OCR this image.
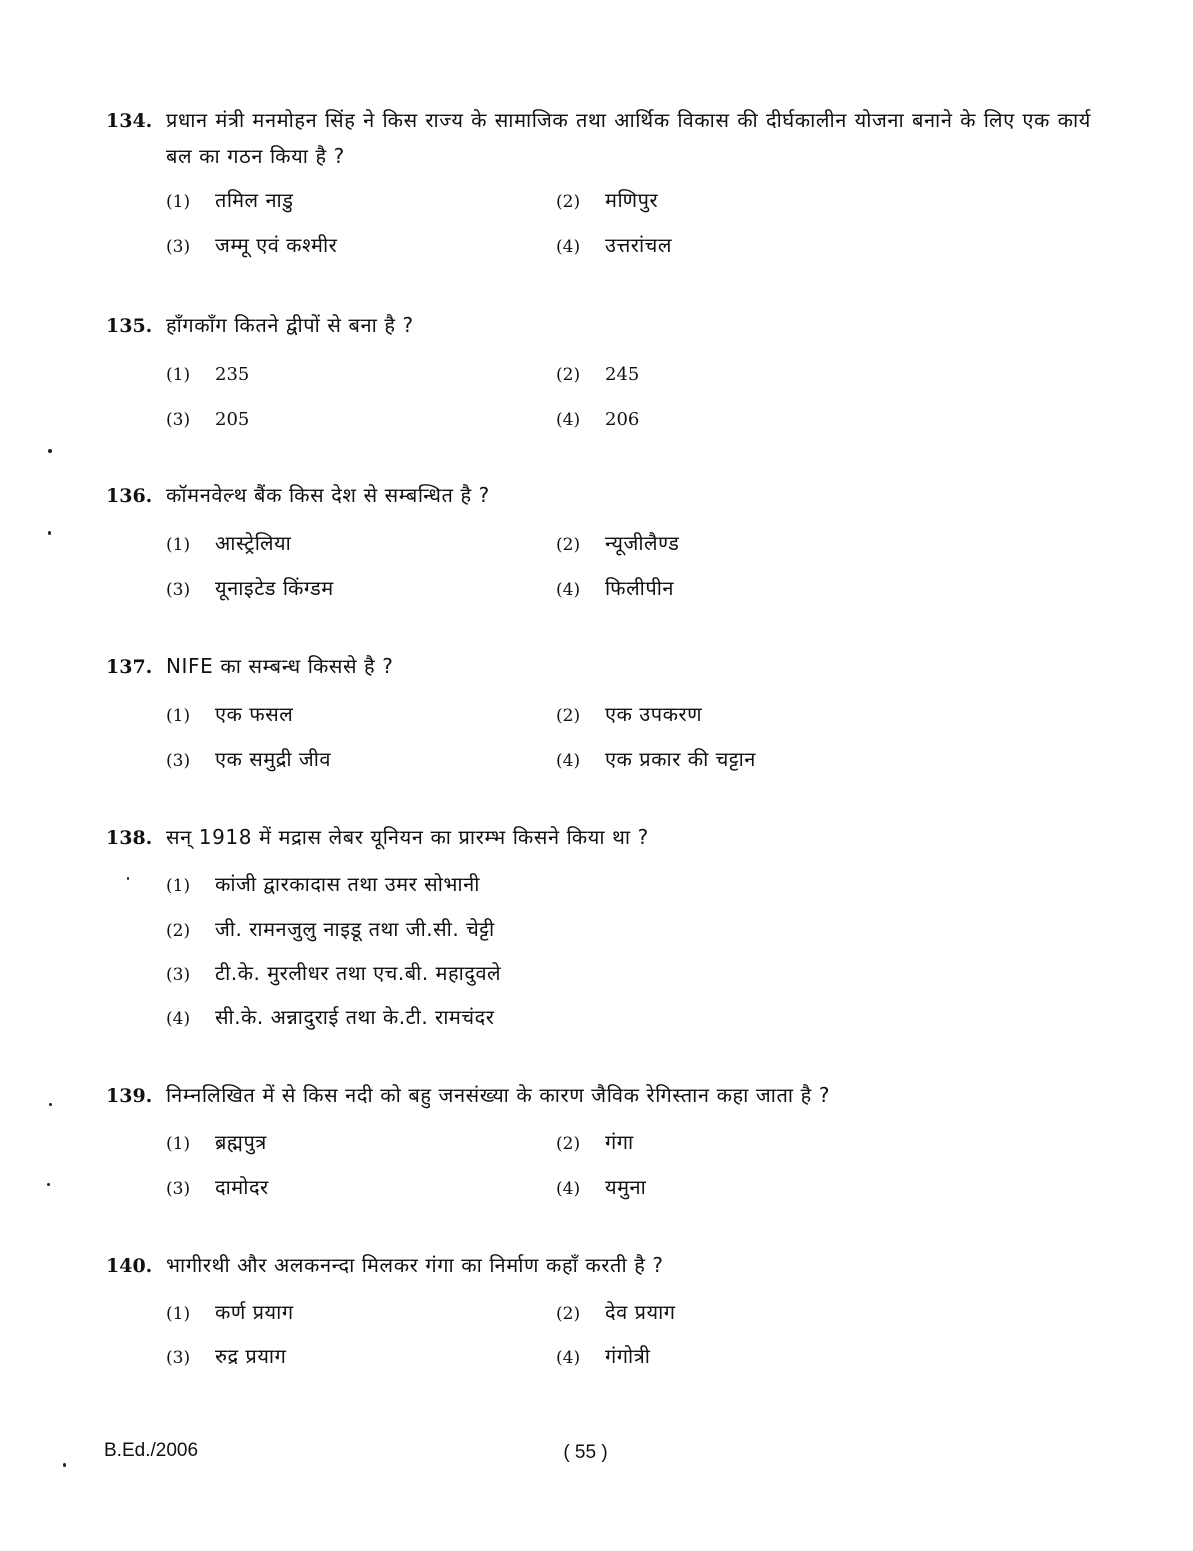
134. प्रधान मंत्री मनमोहन सिंह ने किस राज्य के सामाजिक तथा आर्थिक विकास की दीर्घकालीन योजना बनाने के लिए एक कार्य बल का गठन किया है ?
(1) तमिल नाडु	(2) मणिपुर
(3) जम्मू एवं कश्मीर	(4) उत्तरांचल
135. हाँगकाँग कितने द्वीपों से बना है ?
(1) 235	(2) 245
(3) 205	(4) 206
136. कॉमनवेल्थ बैंक किस देश से सम्बन्धित है ?
(1) आस्ट्रेलिया	(2) न्यूजीलैण्ड
(3) यूनाइटेड किंग्डम	(4) फिलीपीन
137. NIFE का सम्बन्ध किससे है ?
(1) एक फसल	(2) एक उपकरण
(3) एक समुद्री जीव	(4) एक प्रकार की चट्टान
138. सन् 1918 में मद्रास लेबर यूनियन का प्रारम्भ किसने किया था ?
(1) कांजी द्वारकादास तथा उमर सोभानी
(2) जी. रामनजुलु नाइडू तथा जी.सी. चेट्टी
(3) टी.के. मुरलीधर तथा एच.बी. महादुवले
(4) सी.के. अन्नादुराई तथा के.टी. रामचंदर
139. निम्नलिखित में से किस नदी को बहु जनसंख्या के कारण जैविक रेगिस्तान कहा जाता है ?
(1) ब्रह्मपुत्र	(2) गंगा
(3) दामोदर	(4) यमुना
140. भागीरथी और अलकनन्दा मिलकर गंगा का निर्माण कहाँ करती है ?
(1) कर्ण प्रयाग	(2) देव प्रयाग
(3) रुद्र प्रयाग	(4) गंगोत्री
B.Ed./2006	( 55 )
